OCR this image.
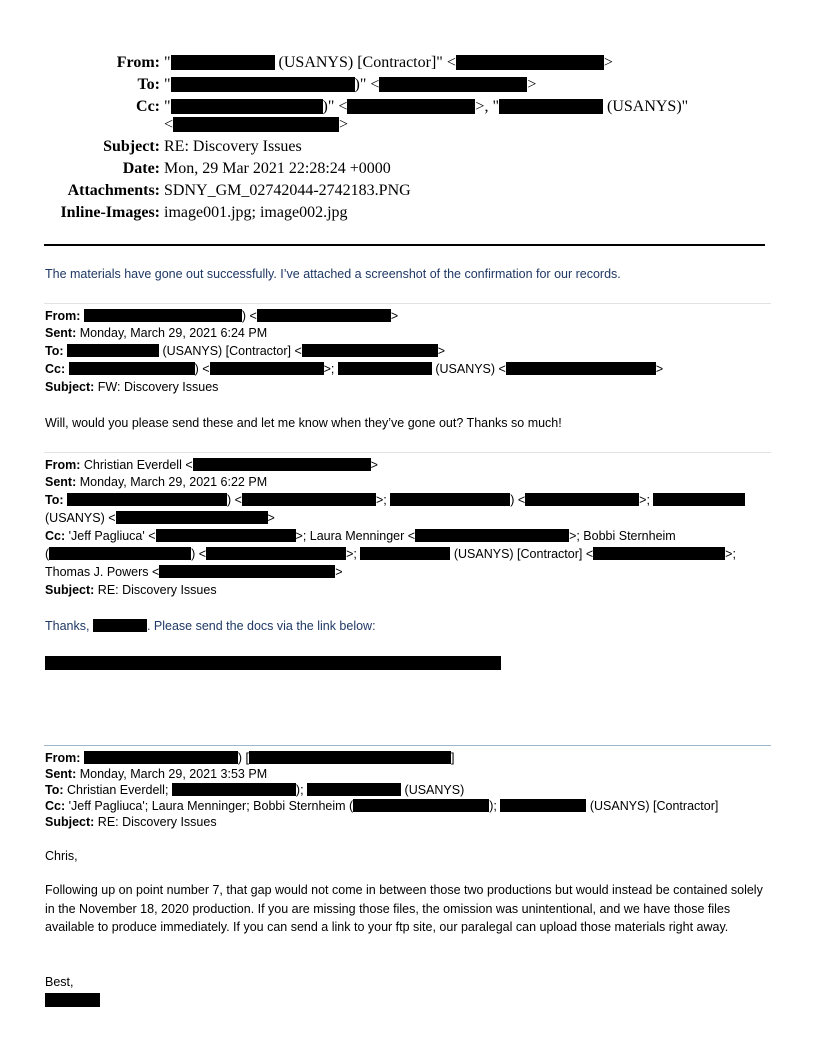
From: "	(USANYS) [Contractor]" <	>
To: "	)" <	>
Cc: "	)" <	>, "	(USANYS)"
<	>
Subject: RE: Discovery Issues
Date: Mon, 29 Mar 2021 22:28:24 +0000
Attachments: SDNY_GM_02742044-2742183.PNG
Inline-Images: image001.jpg; image002.jpg
The materials have gone out successfully. I’ve attached a screenshot of the confirmation for our records.
From:	) <	>
Sent: Monday, March 29, 2021 6:24 PM
To:	(USANYS) [Contractor] <	>
Cc:	) <	>;	(USANYS) <	>
Subject: FW: Discovery Issues
Will, would you please send these and let me know when they’ve gone out? Thanks so much!
From: Christian Everdell <	>
Sent: Monday, March 29, 2021 6:22 PM
To:	) <	>;	) <	>;
(USANYS) <	>
Cc: 'Jeff Pagliuca' <	>; Laura Menninger <	>; Bobbi Sternheim
(	) <	>;	(USANYS) [Contractor] <	>;
Thomas J. Powers <	>
Subject: RE: Discovery Issues
Thanks,	. Please send the docs via the link below:
From:	) [	]
Sent: Monday, March 29, 2021 3:53 PM
To: Christian Everdell;	);	(USANYS)
Cc: 'Jeff Pagliuca'; Laura Menninger; Bobbi Sternheim (	);	(USANYS) [Contractor]
Subject: RE: Discovery Issues
Chris,
Following up on point number 7, that gap would not come in between those two productions but would instead be contained solely in the November 18, 2020 production. If you are missing those files, the omission was unintentional, and we have those files available to produce immediately. If you can send a link to your ftp site, our paralegal can upload those materials right away.
Best,
